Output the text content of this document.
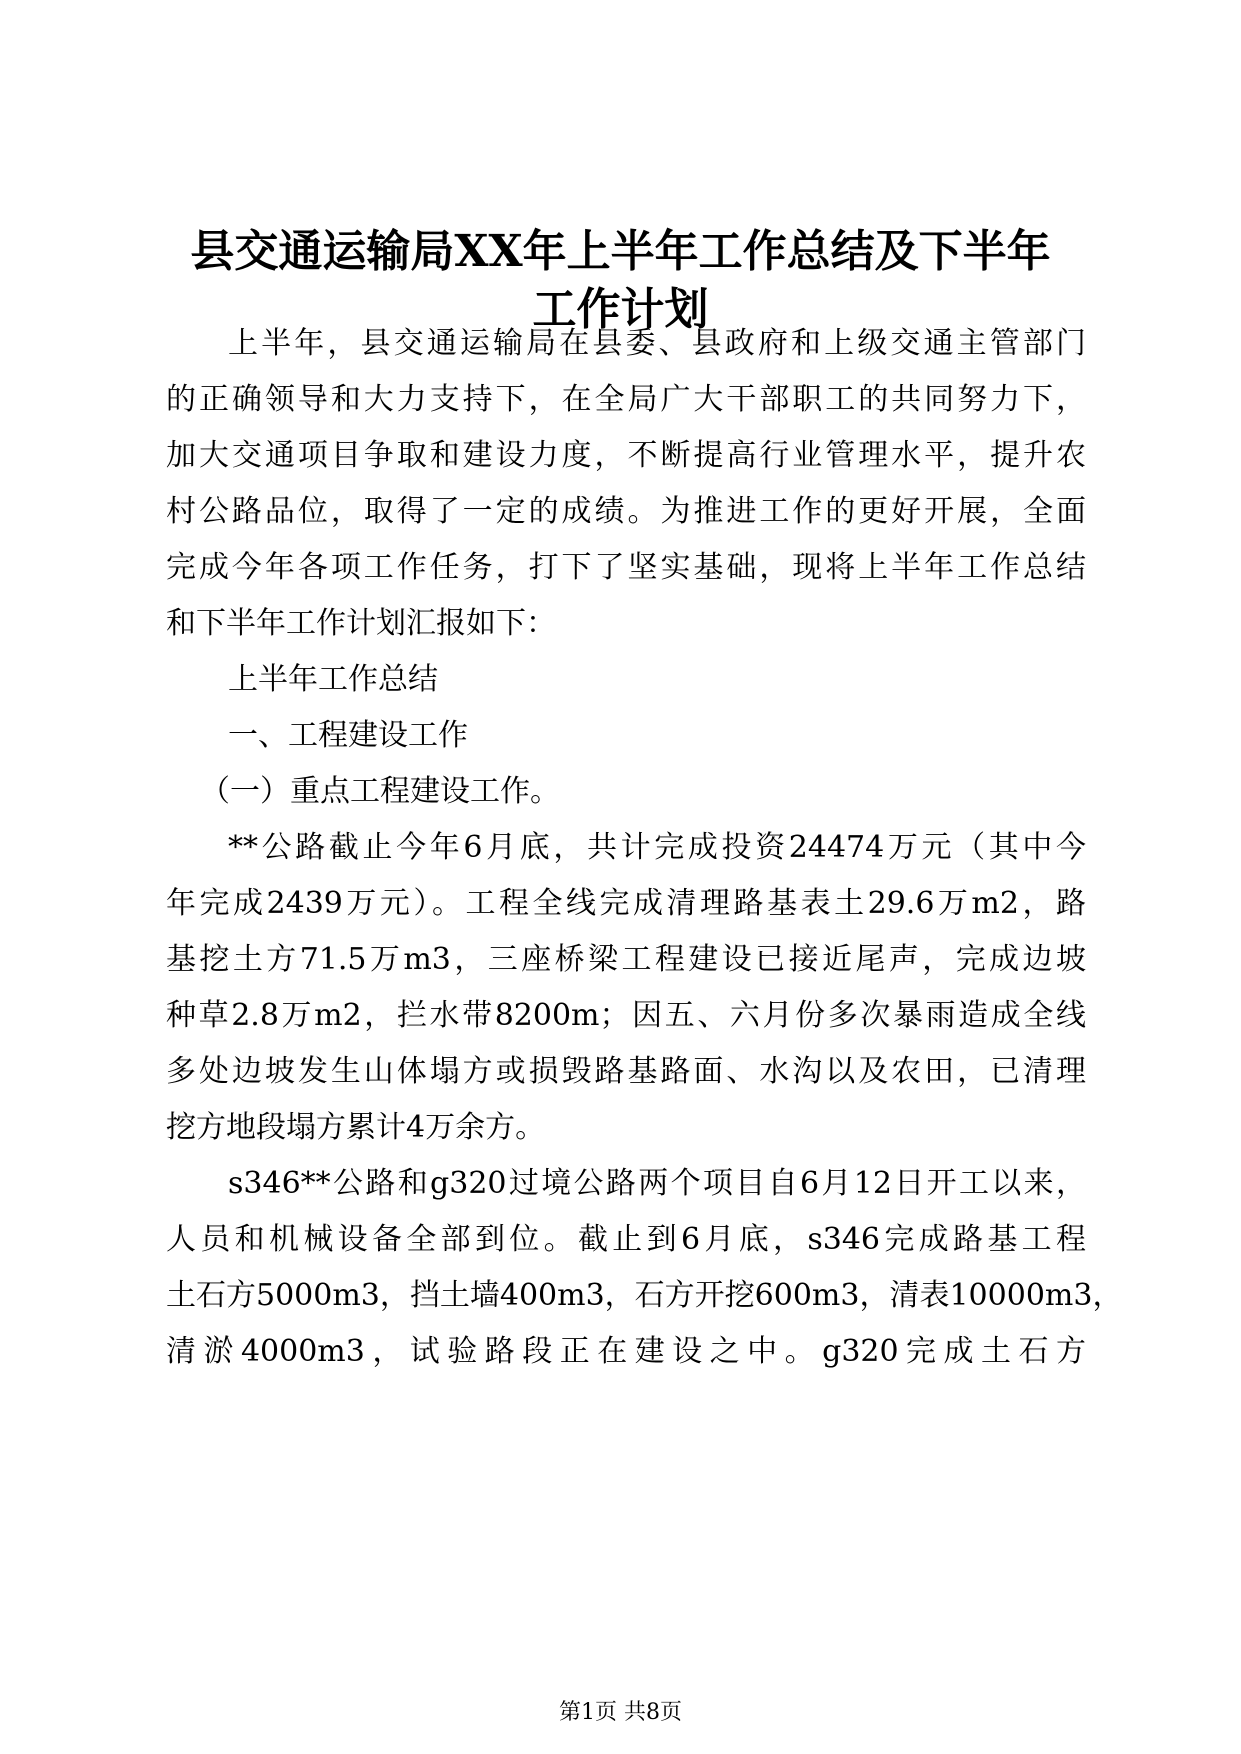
县交通运输局XX年上半年工作总结及下半年
工作计划
上半年，县交通运输局在县委、县政府和上级交通主管部门
的正确领导和大力支持下，在全局广大干部职工的共同努力下，
加大交通项目争取和建设力度，不断提高行业管理水平，提升农
村公路品位，取得了一定的成绩。为推进工作的更好开展，全面
完成今年各项工作任务，打下了坚实基础，现将上半年工作总结
和下半年工作计划汇报如下：
上半年工作总结
一、工程建设工作
（一）重点工程建设工作。
**公路截止今年6月底，共计完成投资24474万元（其中今
年完成2439万元）。工程全线完成清理路基表土29.6万m2，路
基挖土方71.5万m3，三座桥梁工程建设已接近尾声，完成边坡
种草2.8万m2，拦水带8200m；因五、六月份多次暴雨造成全线
多处边坡发生山体塌方或损毁路基路面、水沟以及农田，已清理
挖方地段塌方累计4万余方。
s346**公路和g320过境公路两个项目自6月12日开工以来，
人员和机械设备全部到位。截止到6月底，s346完成路基工程
土石方5000m3，挡土墙400m3，石方开挖600m3，清表10000m3，
清淤4000m3，试验路段正在建设之中。g320完成土石方
第1页 共8页
